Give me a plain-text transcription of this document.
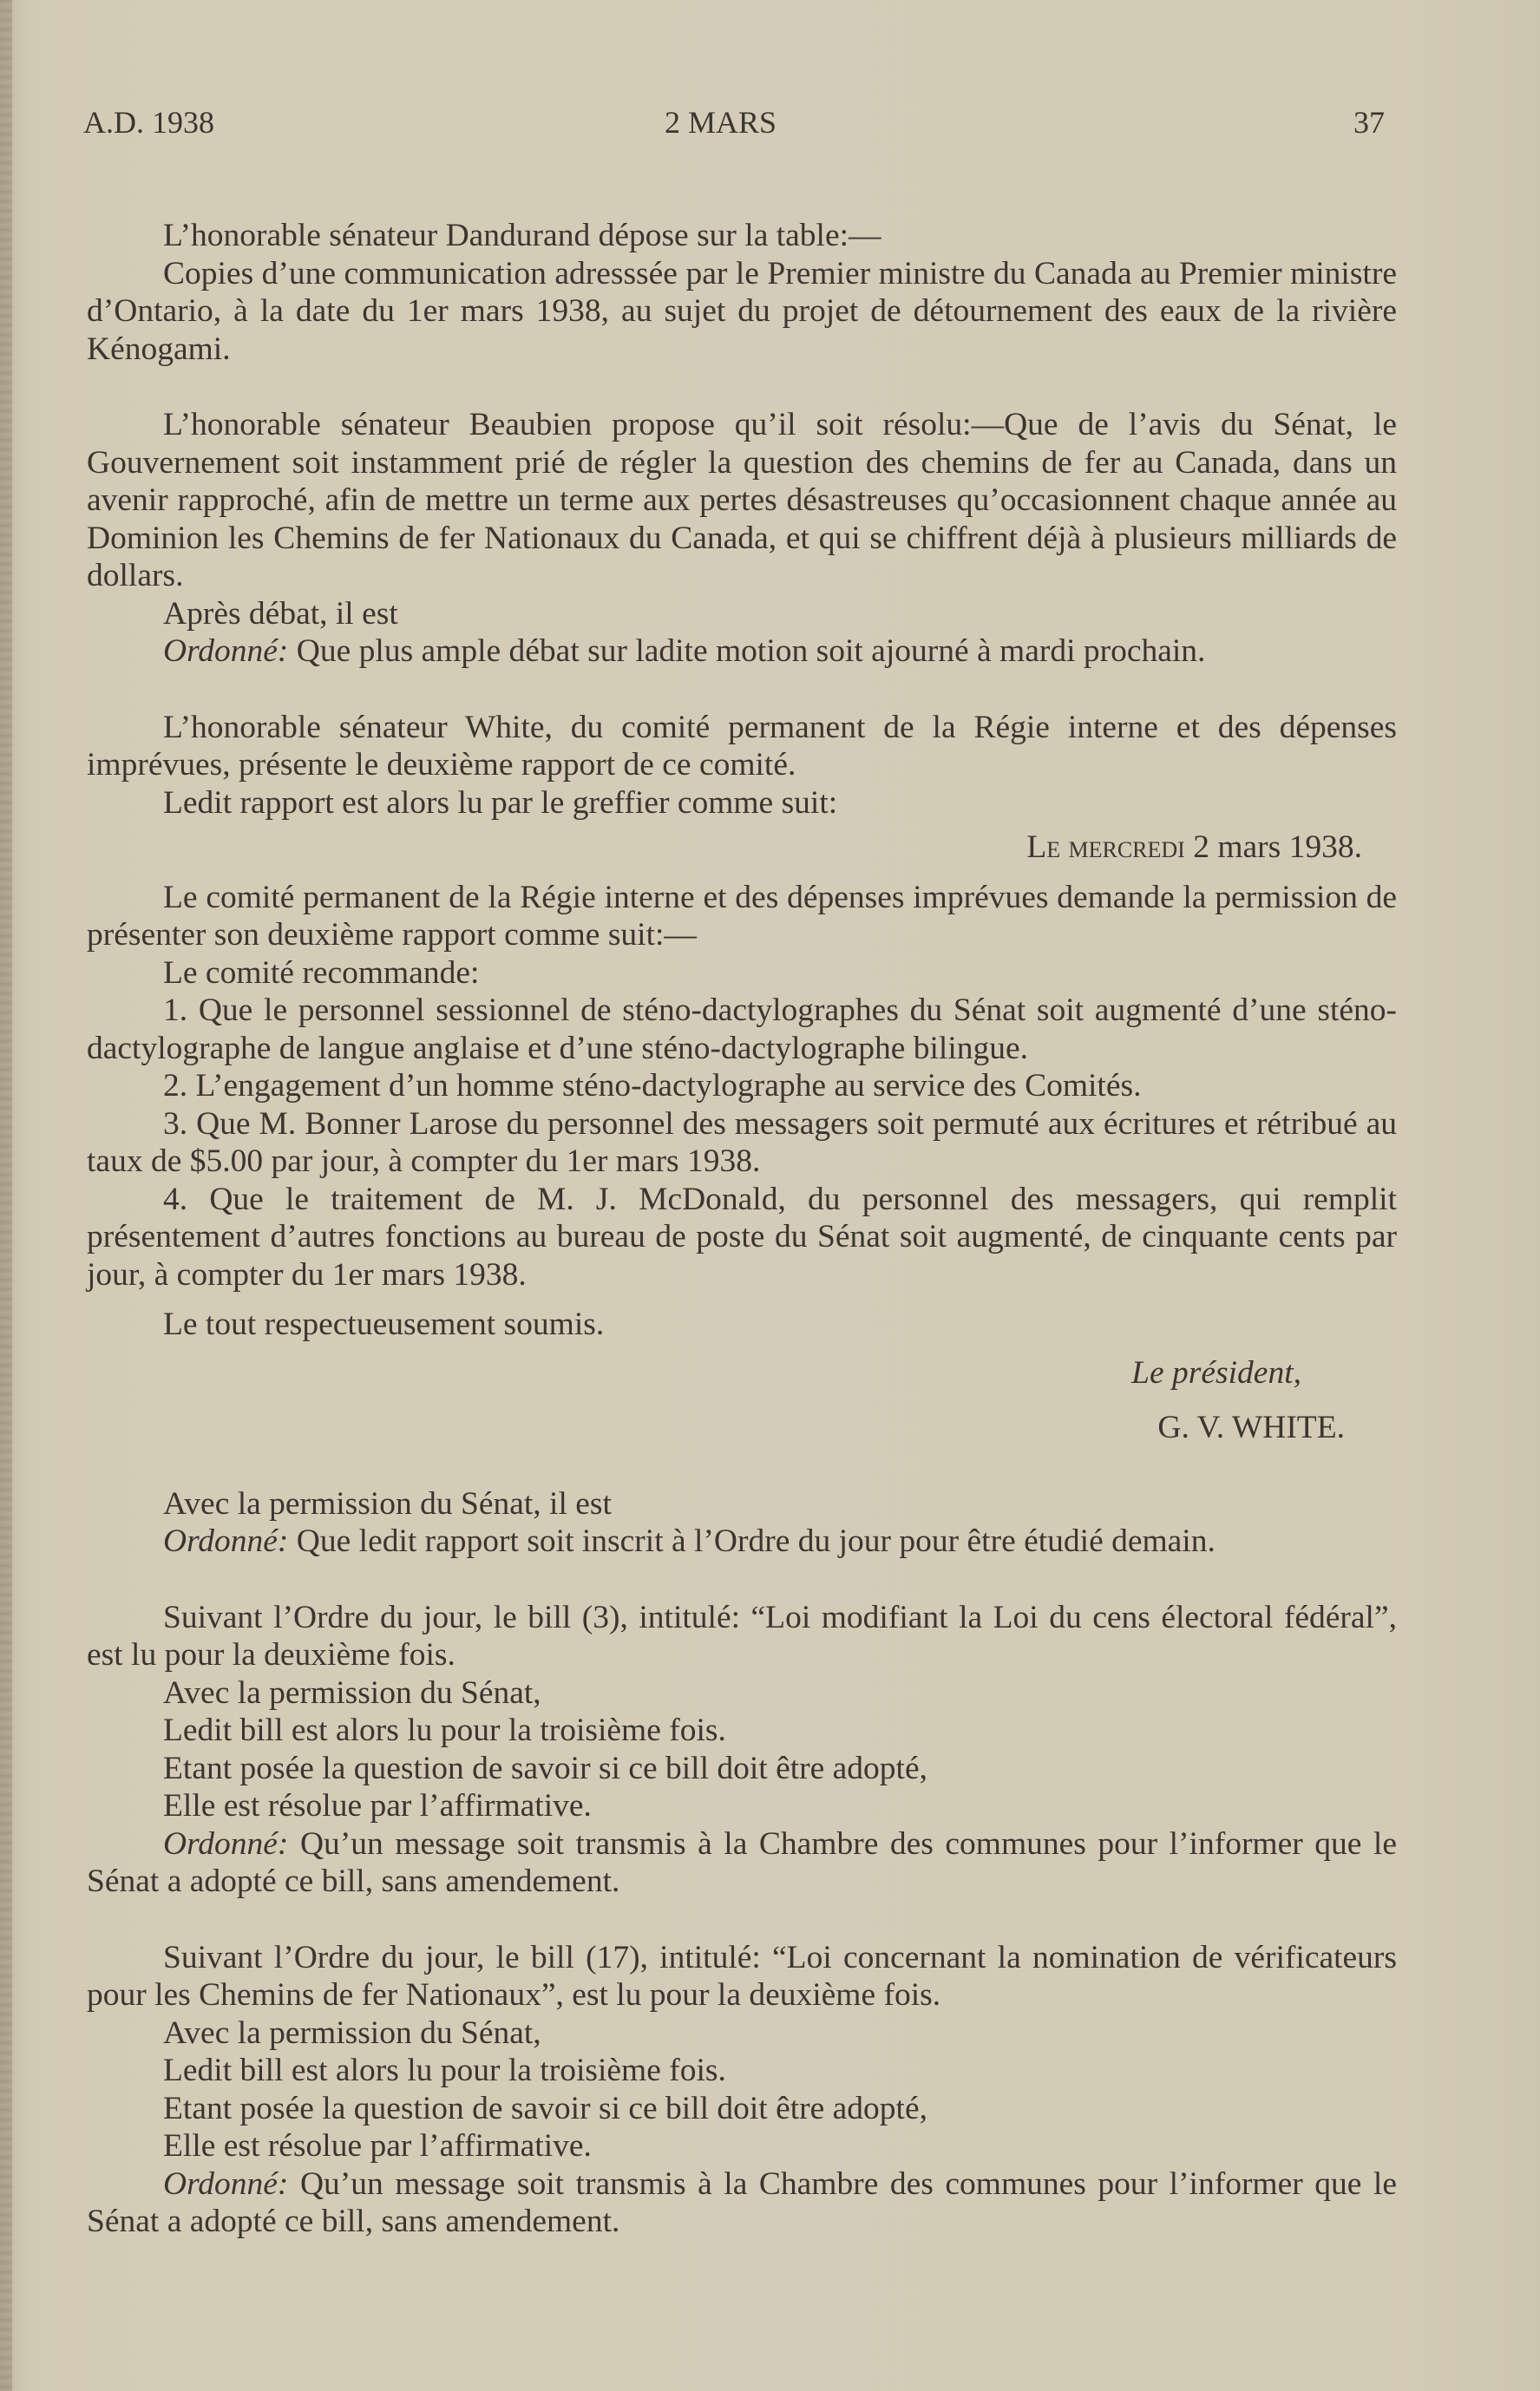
A.D. 1938	2 MARS	37

L’honorable sénateur Dandurand dépose sur la table:—

Copies d’une communication adresssée par le Premier ministre du Canada au Premier ministre d’Ontario, à la date du 1er mars 1938, au sujet du projet de détournement des eaux de la rivière Kénogami.

L’honorable sénateur Beaubien propose qu’il soit résolu:—Que de l’avis du Sénat, le Gouvernement soit instamment prié de régler la question des chemins de fer au Canada, dans un avenir rapproché, afin de mettre un terme aux pertes désastreuses qu’occasionnent chaque année au Dominion les Chemins de fer Nationaux du Canada, et qui se chiffrent déjà à plusieurs milliards de dollars.

Après débat, il est

Ordonné: Que plus ample débat sur ladite motion soit ajourné à mardi prochain.

L’honorable sénateur White, du comité permanent de la Régie interne et des dépenses imprévues, présente le deuxième rapport de ce comité.

Ledit rapport est alors lu par le greffier comme suit:

Le mercredi 2 mars 1938.

Le comité permanent de la Régie interne et des dépenses imprévues demande la permission de présenter son deuxième rapport comme suit:—

Le comité recommande:

1. Que le personnel sessionnel de sténo-dactylographes du Sénat soit augmenté d’une sténo-dactylographe de langue anglaise et d’une sténo-dactylographe bilingue.

2. L’engagement d’un homme sténo-dactylographe au service des Comités.

3. Que M. Bonner Larose du personnel des messagers soit permuté aux écritures et rétribué au taux de $5.00 par jour, à compter du 1er mars 1938.

4. Que le traitement de M. J. McDonald, du personnel des messagers, qui remplit présentement d’autres fonctions au bureau de poste du Sénat soit augmenté, de cinquante cents par jour, à compter du 1er mars 1938.

Le tout respectueusement soumis.

Le président,

G. V. WHITE.

Avec la permission du Sénat, il est

Ordonné: Que ledit rapport soit inscrit à l’Ordre du jour pour être étudié demain.

Suivant l’Ordre du jour, le bill (3), intitulé: “Loi modifiant la Loi du cens électoral fédéral”, est lu pour la deuxième fois.

Avec la permission du Sénat,

Ledit bill est alors lu pour la troisième fois.

Etant posée la question de savoir si ce bill doit être adopté,

Elle est résolue par l’affirmative.

Ordonné: Qu’un message soit transmis à la Chambre des communes pour l’informer que le Sénat a adopté ce bill, sans amendement.

Suivant l’Ordre du jour, le bill (17), intitulé: “Loi concernant la nomination de vérificateurs pour les Chemins de fer Nationaux”, est lu pour la deuxième fois.

Avec la permission du Sénat,

Ledit bill est alors lu pour la troisième fois.

Etant posée la question de savoir si ce bill doit être adopté,

Elle est résolue par l’affirmative.

Ordonné: Qu’un message soit transmis à la Chambre des communes pour l’informer que le Sénat a adopté ce bill, sans amendement.
